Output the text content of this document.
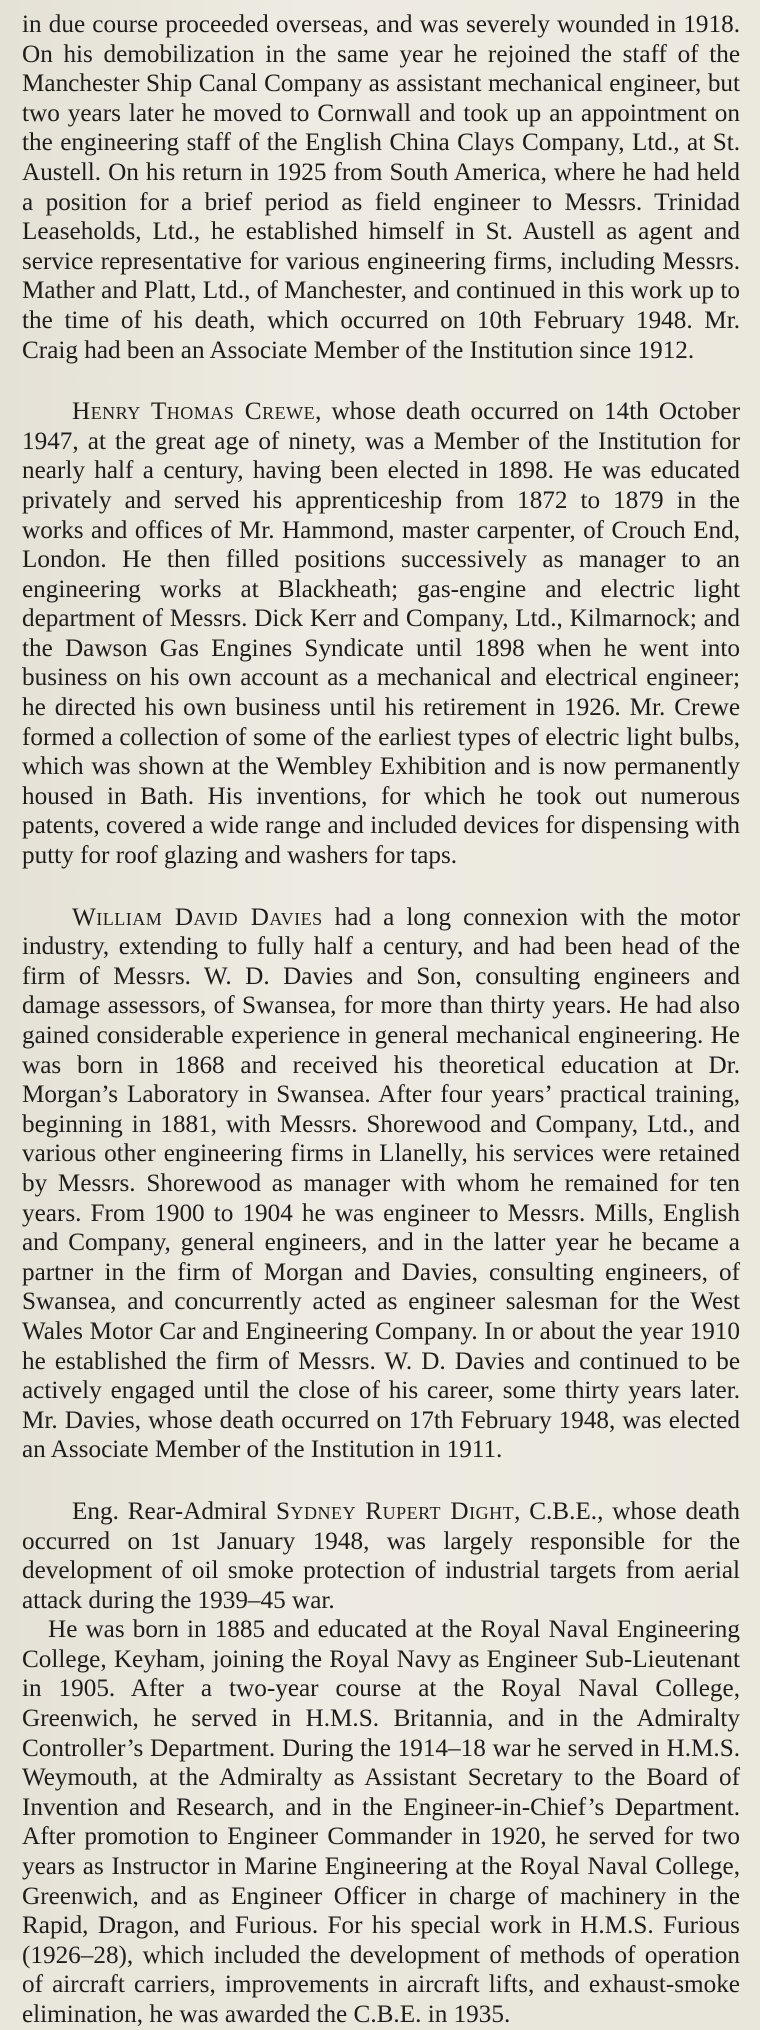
in due course proceeded overseas, and was severely wounded in 1918. On his demobilization in the same year he rejoined the staff of the Manchester Ship Canal Company as assistant mechanical engineer, but two years later he moved to Cornwall and took up an appointment on the engineering staff of the English China Clays Company, Ltd., at St. Austell. On his return in 1925 from South America, where he had held a position for a brief period as field engineer to Messrs. Trinidad Leaseholds, Ltd., he established himself in St. Austell as agent and service representative for various engineering firms, including Messrs. Mather and Platt, Ltd., of Manchester, and continued in this work up to the time of his death, which occurred on 10th February 1948. Mr. Craig had been an Associate Member of the Institution since 1912.

Henry Thomas Crewe, whose death occurred on 14th October 1947, at the great age of ninety, was a Member of the Institution for nearly half a century, having been elected in 1898. He was educated privately and served his apprenticeship from 1872 to 1879 in the works and offices of Mr. Hammond, master carpenter, of Crouch End, London. He then filled positions successively as manager to an engineering works at Blackheath; gas-engine and electric light department of Messrs. Dick Kerr and Company, Ltd., Kilmarnock; and the Dawson Gas Engines Syndicate until 1898 when he went into business on his own account as a mechanical and electrical engineer; he directed his own business until his retirement in 1926. Mr. Crewe formed a collection of some of the earliest types of electric light bulbs, which was shown at the Wembley Exhibition and is now permanently housed in Bath. His inventions, for which he took out numerous patents, covered a wide range and included devices for dispensing with putty for roof glazing and washers for taps.

William David Davies had a long connexion with the motor industry, extending to fully half a century, and had been head of the firm of Messrs. W. D. Davies and Son, consulting engineers and damage assessors, of Swansea, for more than thirty years. He had also gained considerable experience in general mechanical engineering. He was born in 1868 and received his theoretical education at Dr. Morgan’s Laboratory in Swansea. After four years’ practical training, beginning in 1881, with Messrs. Shorewood and Company, Ltd., and various other engineering firms in Llanelly, his services were retained by Messrs. Shorewood as manager with whom he remained for ten years. From 1900 to 1904 he was engineer to Messrs. Mills, English and Company, general engineers, and in the latter year he became a partner in the firm of Morgan and Davies, consulting engineers, of Swansea, and concurrently acted as engineer salesman for the West Wales Motor Car and Engineering Company. In or about the year 1910 he established the firm of Messrs. W. D. Davies and continued to be actively engaged until the close of his career, some thirty years later. Mr. Davies, whose death occurred on 17th February 1948, was elected an Associate Member of the Institution in 1911.

Eng. Rear-Admiral Sydney Rupert Dight, C.B.E., whose death occurred on 1st January 1948, was largely responsible for the development of oil smoke protection of industrial targets from aerial attack during the 1939–45 war.

He was born in 1885 and educated at the Royal Naval Engineering College, Keyham, joining the Royal Navy as Engineer Sub-Lieutenant in 1905. After a two-year course at the Royal Naval College, Greenwich, he served in H.M.S. Britannia, and in the Admiralty Controller’s Department. During the 1914–18 war he served in H.M.S. Weymouth, at the Admiralty as Assistant Secretary to the Board of Invention and Research, and in the Engineer-in-Chief’s Department. After promotion to Engineer Commander in 1920, he served for two years as Instructor in Marine Engineering at the Royal Naval College, Greenwich, and as Engineer Officer in charge of machinery in the Rapid, Dragon, and Furious. For his special work in H.M.S. Furious (1926–28), which included the development of methods of operation of aircraft carriers, improvements in aircraft lifts, and exhaust-smoke elimination, he was awarded the C.B.E. in 1935.
